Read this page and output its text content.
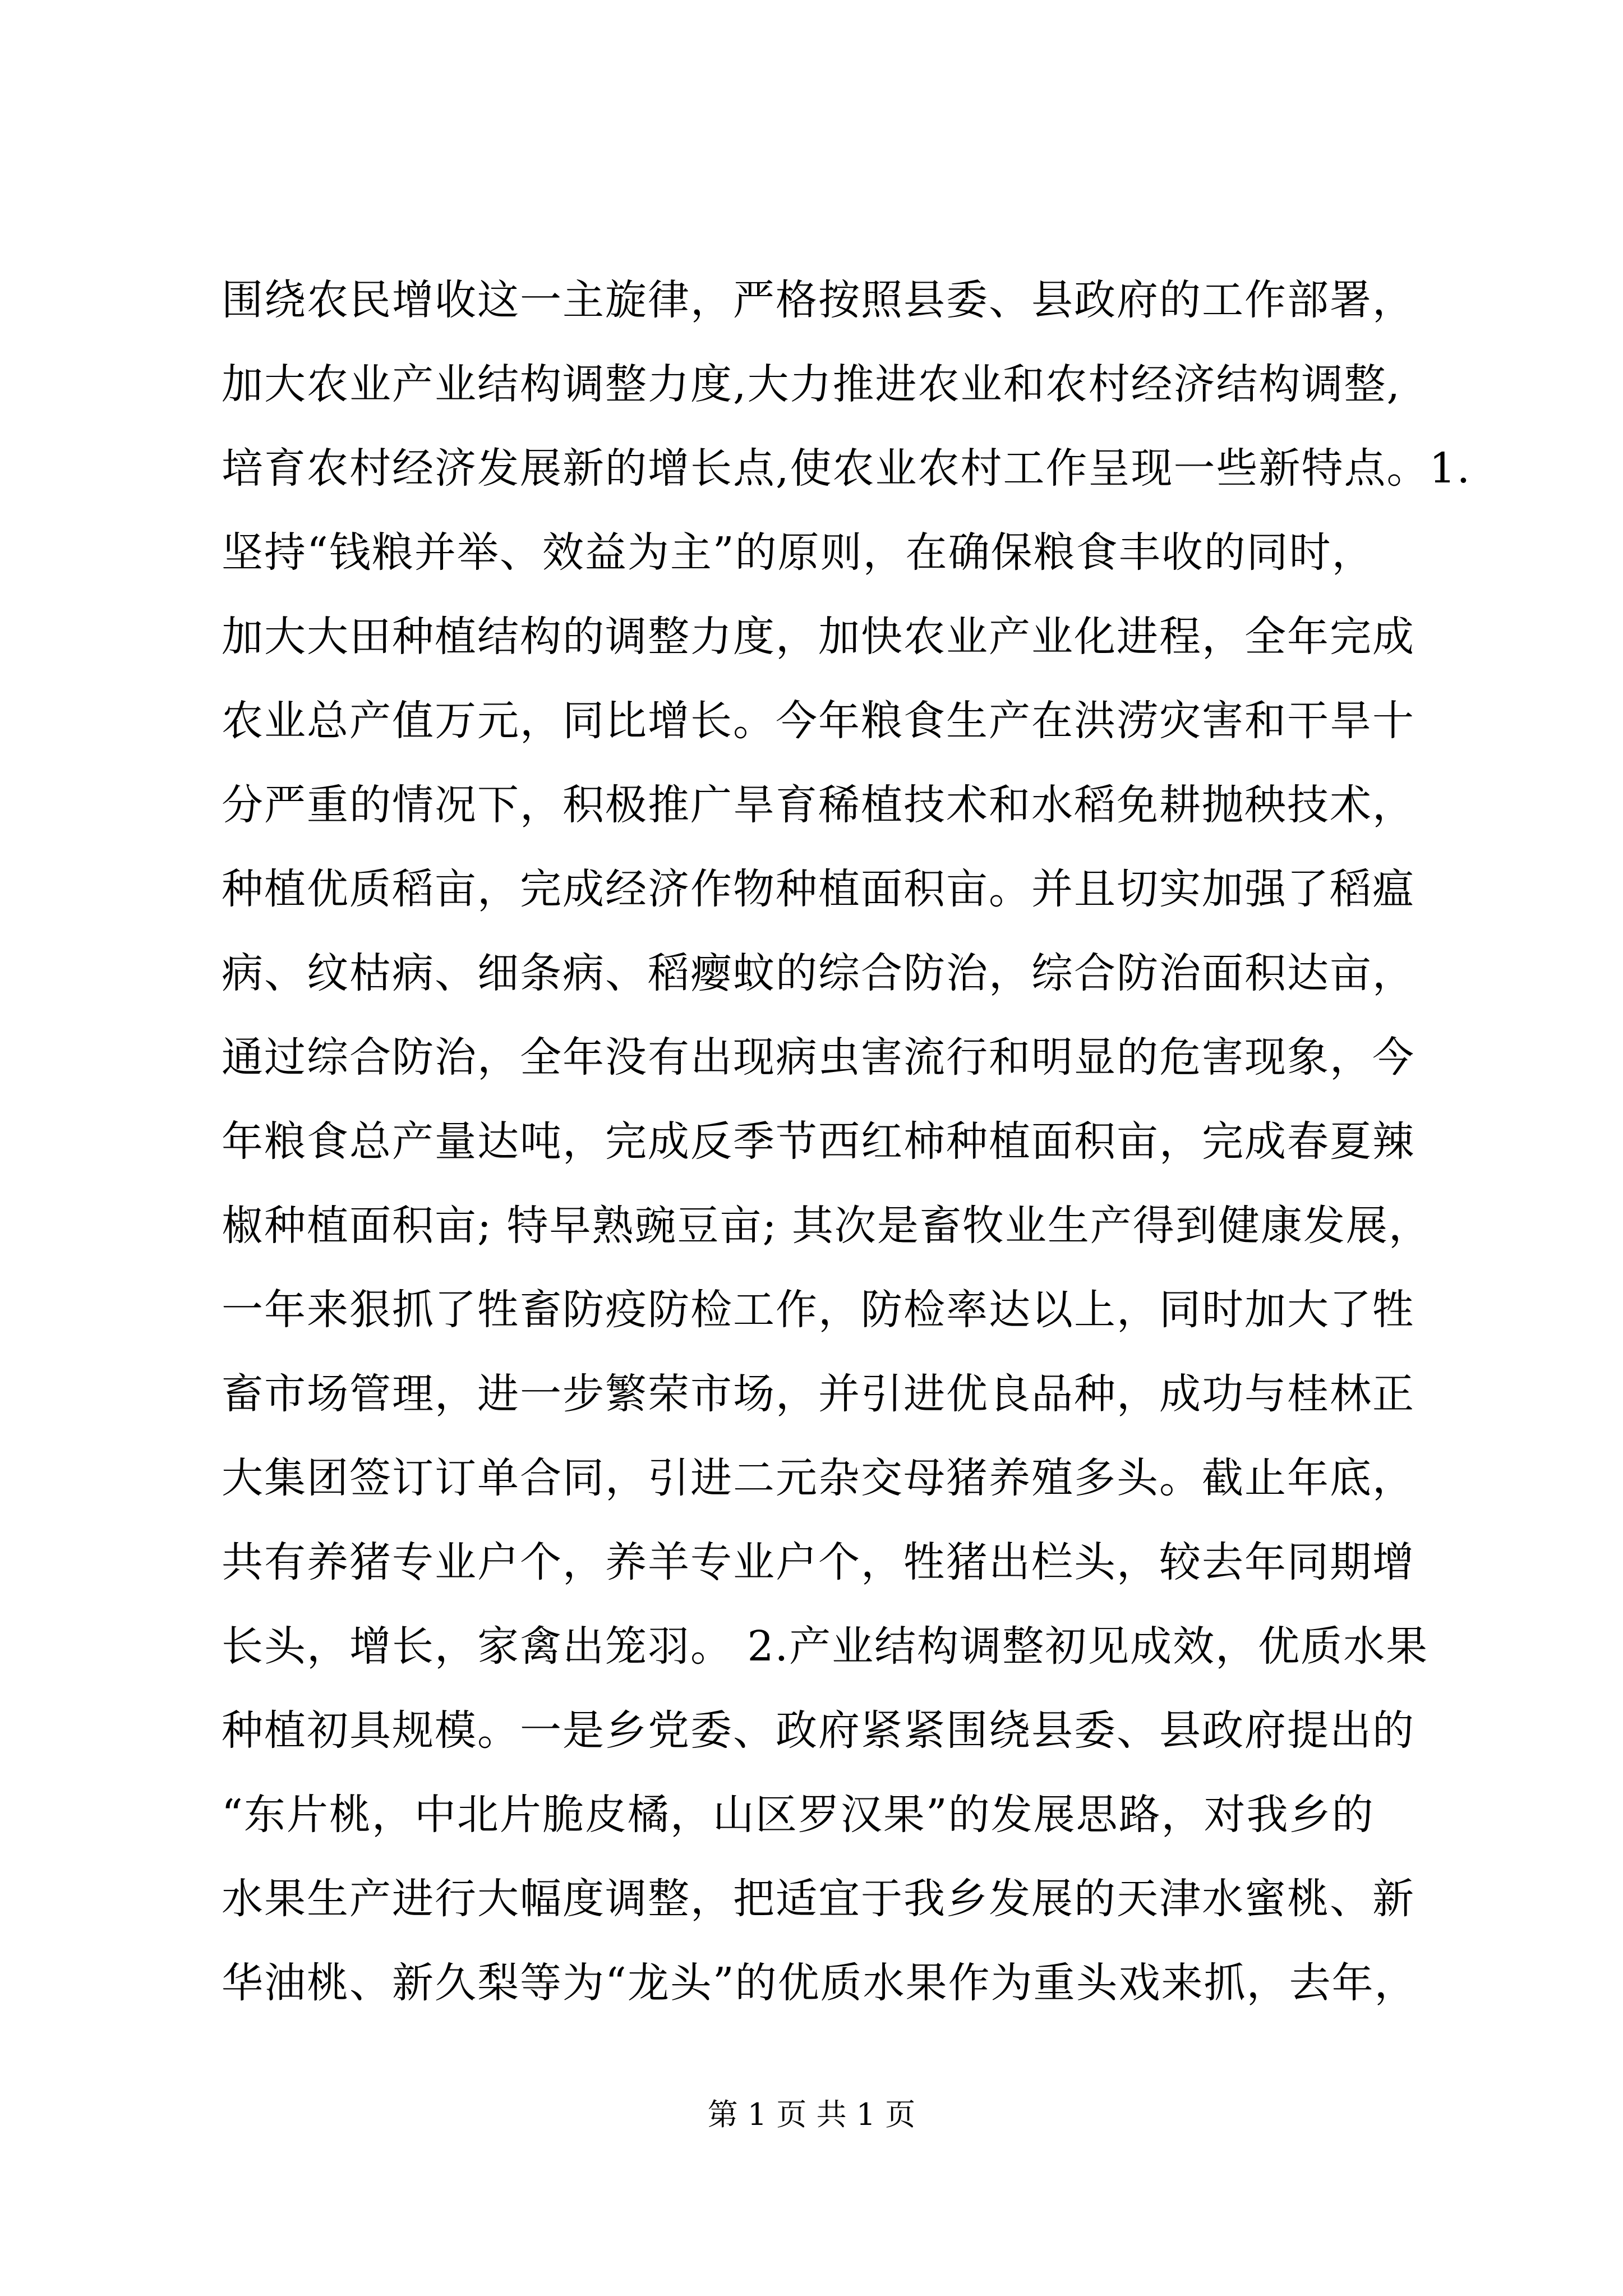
围绕农民增收这一主旋律，严格按照县委、县政府的工作部署，
加大农业产业结构调整力度,大力推进农业和农村经济结构调整,
培育农村经济发展新的增长点,使农业农村工作呈现一些新特点。1.
坚持“钱粮并举、效益为主”的原则，在确保粮食丰收的同时，
加大大田种植结构的调整力度，加快农业产业化进程，全年完成
农业总产值万元，同比增长。今年粮食生产在洪涝灾害和干旱十
分严重的情况下，积极推广旱育稀植技术和水稻免耕抛秧技术，
种植优质稻亩，完成经济作物种植面积亩。并且切实加强了稻瘟
病、纹枯病、细条病、稻瘿蚊的综合防治，综合防治面积达亩，
通过综合防治，全年没有出现病虫害流行和明显的危害现象，今
年粮食总产量达吨，完成反季节西红柿种植面积亩，完成春夏辣
椒种植面积亩; 特早熟豌豆亩; 其次是畜牧业生产得到健康发展，
一年来狠抓了牲畜防疫防检工作，防检率达以上，同时加大了牲
畜市场管理，进一步繁荣市场，并引进优良品种，成功与桂林正
大集团签订订单合同，引进二元杂交母猪养殖多头。截止年底，
共有养猪专业户个，养羊专业户个，牲猪出栏头，较去年同期增
长头，增长，家禽出笼羽。 2.产业结构调整初见成效，优质水果
种植初具规模。一是乡党委、政府紧紧围绕县委、县政府提出的
“东片桃，中北片脆皮橘，山区罗汉果”的发展思路，对我乡的
水果生产进行大幅度调整，把适宜于我乡发展的天津水蜜桃、新
华油桃、新久梨等为“龙头”的优质水果作为重头戏来抓，去年，
第 1 页 共 1 页
